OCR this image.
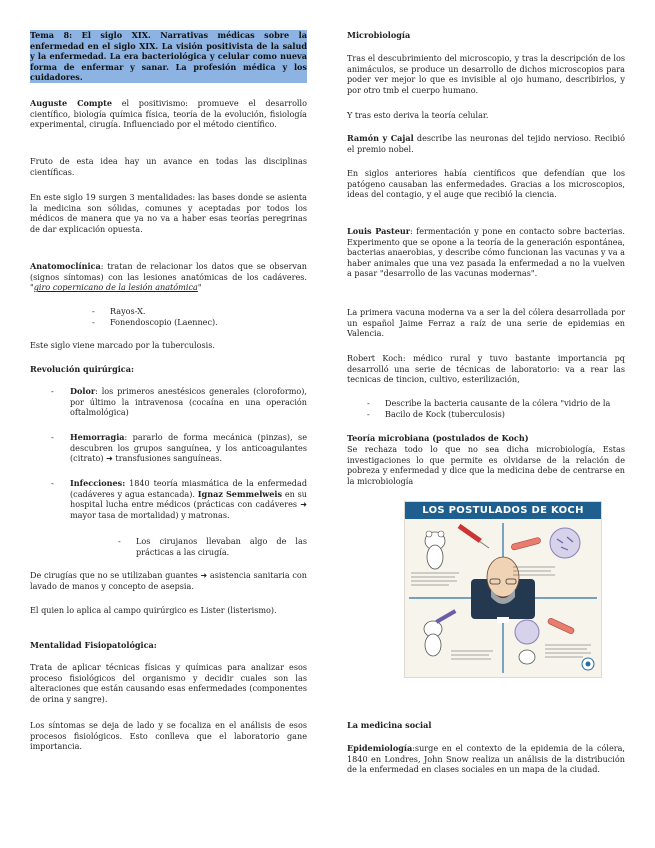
Tema 8: El siglo XIX. Narrativas médicas sobre la enfermedad en el siglo XIX. La visión positivista de la salud y la enfermedad. La era bacteriológica y celular como nueva forma de enfermar y sanar. La profesión médica y los cuidadores.

Auguste Compte el positivismo: promueve el desarrollo científico, biología química física, teoría de la evolución, fisiología experimental, cirugía. Influenciado por el método científico.

Fruto de esta idea hay un avance en todas las disciplinas científicas.

En este siglo 19 surgen 3 mentalidades: las bases donde se asienta la medicina son sólidas, comunes y aceptadas por todos los médicos de manera que ya no va a haber esas teorías peregrinas de dar explicación opuesta.

Anatomoclínica: tratan de relacionar los datos que se observan (signos síntomas) con las lesiones anatómicas de los cadáveres. "giro copernicano de la lesión anatómica"

- Rayos-X.
- Fonendoscopio (Laennec).

Este siglo viene marcado por la tuberculosis.

Revolución quirúrgica:

- Dolor: los primeros anestésicos generales (cloroformo), por último la intravenosa (cocaína en una operación oftalmológica)
- Hemorragia: pararlo de forma mecánica (pinzas), se descubren los grupos sanguínea, y los anticoagulantes (citrato) ➜ transfusiones sanguíneas.
- Infecciones: 1840 teoría miasmática de la enfermedad (cadáveres y agua estancada). Ignaz Semmelweis en su hospital lucha entre médicos (prácticas con cadáveres ➜ mayor tasa de mortalidad) y matronas.
- Los cirujanos llevaban algo de las prácticas a las cirugía.

De cirugías que no se utilizaban guantes ➜ asistencia sanitaria con lavado de manos y concepto de asepsia.

El quien lo aplica al campo quirúrgico es Lister (listerismo).

Mentalidad Fisiopatológica:

Trata de aplicar técnicas físicas y químicas para analizar esos proceso fisiológicos del organismo y decidir cuales son las alteraciones que están causando esas enfermedades (componentes de orina y sangre).

Los síntomas se deja de lado y se focaliza en el análisis de esos procesos fisiológicos. Esto conlleva que el laboratorio gane importancia.

Microbiología

Tras el descubrimiento del microscopio, y tras la descripción de los animáculos, se produce un desarrollo de dichos microscopios para poder ver mejor lo que es invisible al ojo humano, describirlos, y por otro tmb el cuerpo humano.

Y tras esto deriva la teoría celular.

Ramón y Cajal describe las neuronas del tejido nervioso. Recibió el premio nobel.

En siglos anteriores había científicos que defendían que los patógeno causaban las enfermedades. Gracias a los microscopios, ideas del contagio, y el auge que recibió la ciencia.

Louis Pasteur: fermentación y pone en contacto sobre bacterias. Experimento que se opone a la teoría de la generación espontánea, bacterias anaerobias, y describe cómo funcionan las vacunas y va a haber animales que una vez pasada la enfermedad a no la vuelven a pasar "desarrollo de las vacunas modernas".

La primera vacuna moderna va a ser la del cólera desarrollada por un español Jaime Ferraz a raíz de una serie de epidemias en Valencia.

Robert Koch: médico rural y tuvo bastante importancia pq desarrolló una serie de técnicas de laboratorio: va a rear las tecnicas de tincion, cultivo, esterilización,

- Describe la bacteria causante de la cólera "vidrio de la
- Bacilo de Kock (tuberculosis)

Teoría microbiana (postulados de Koch)

Se rechaza todo lo que no sea dicha microbiología, Estas investigaciones lo que permite es olvidarse de la relación de pobreza y enfermedad y dice que la medicina debe de centrarse en la microbiología

La medicina social

Epidemiología:surge en el contexto de la epidemia de la cólera, 1840 en Londres, John Snow realiza un análisis de la distribución de la enfermedad en clases sociales en un mapa de la ciudad.

LOS POSTULADOS DE KOCH
